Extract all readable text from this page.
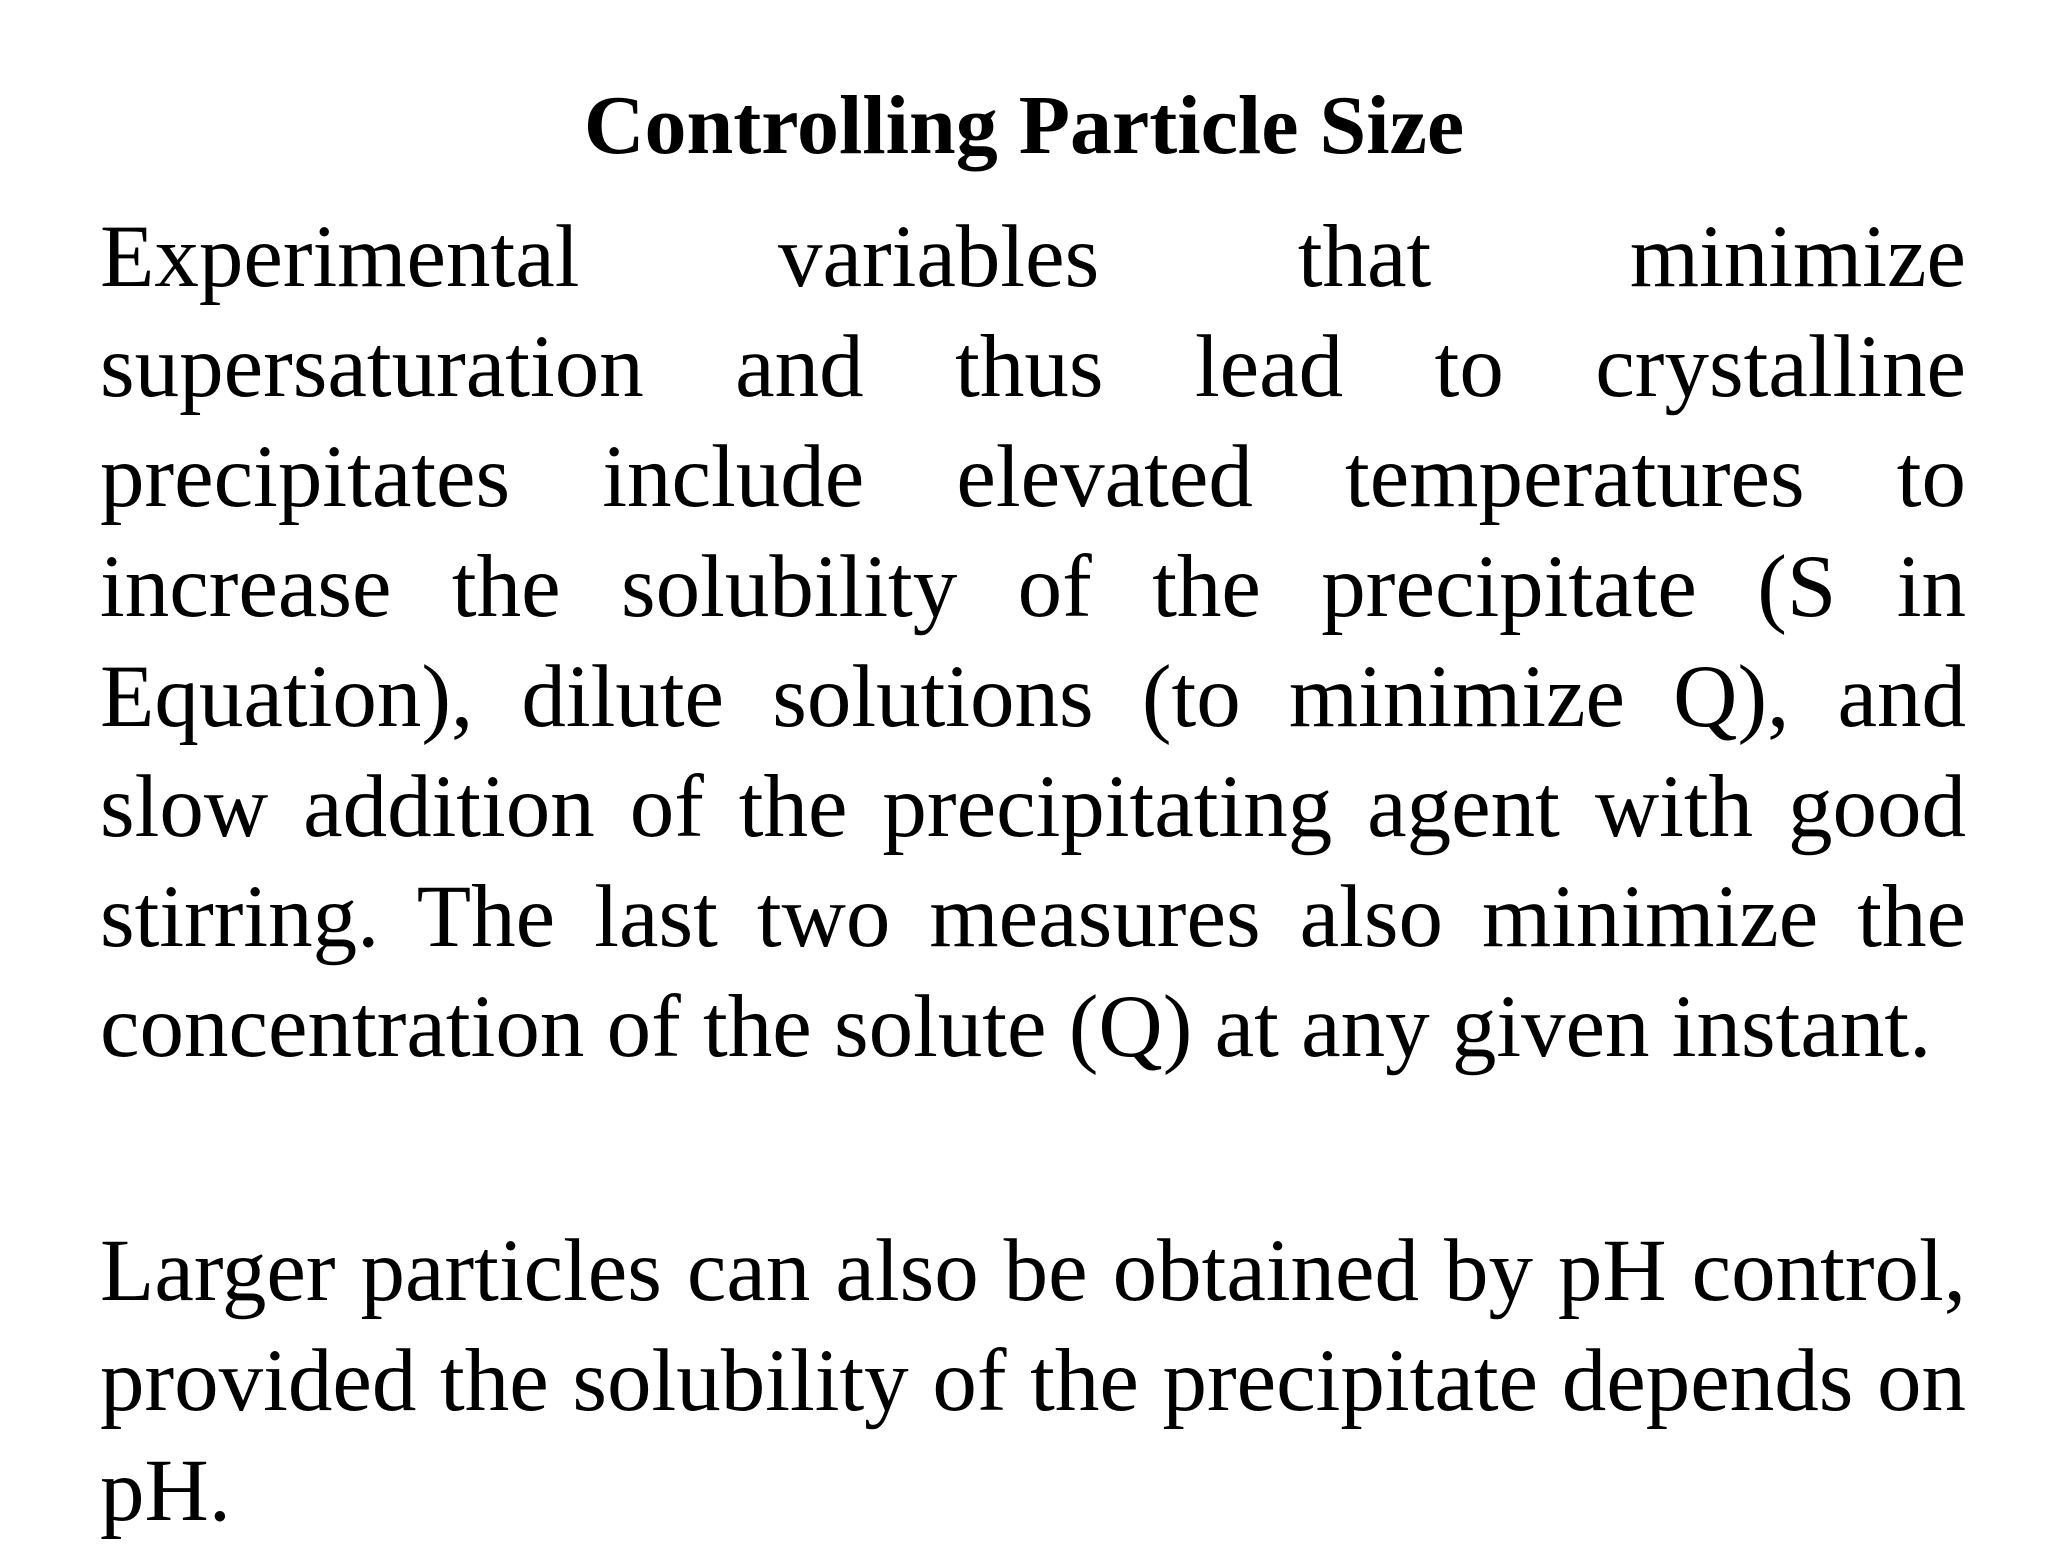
Controlling Particle Size

Experimental variables that minimize supersaturation and thus lead to crystalline precipitates include elevated temperatures to increase the solubility of the precipitate (S in Equation), dilute solutions (to minimize Q), and slow addition of the precipitating agent with good stirring. The last two measures also minimize the concentration of the solute (Q) at any given instant.

Larger particles can also be obtained by pH control, provided the solubility of the precipitate depends on pH.
